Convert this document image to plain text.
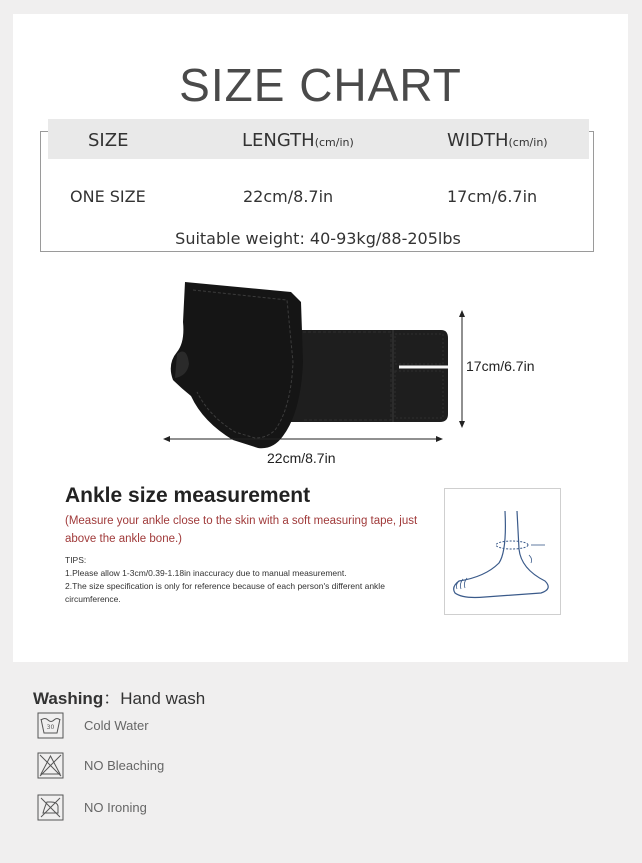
SIZE CHART
SIZE	LENGTH(cm/in)	WIDTH(cm/in)
ONE SIZE	22cm/8.7in	17cm/6.7in
Suitable weight: 40-93kg/88-205lbs
17cm/6.7in
22cm/8.7in
Ankle size measurement
(Measure your ankle close to the skin with a soft measuring tape, just above the ankle bone.)
TIPS:
1.Please allow 1-3cm/0.39-1.18in inaccuracy due to manual measurement.
2.The size specification is only for reference because of each person's different ankle circumference.
Washing：Hand wash
30 Cold Water
NO Bleaching
NO Ironing
